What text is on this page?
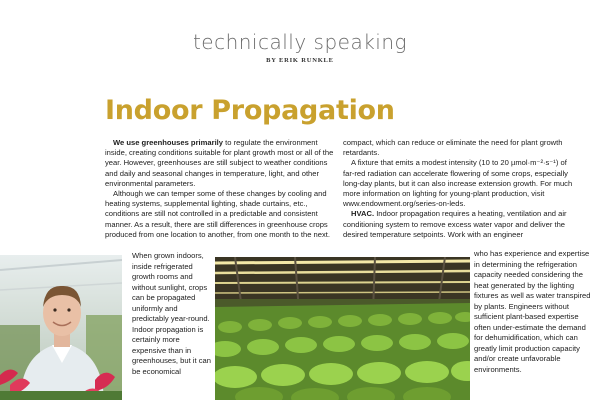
technically speaking
BY ERIK RUNKLE
Indoor Propagation

We use greenhouses primarily to regulate the environment inside, creating conditions suitable for plant growth most or all of the year. However, greenhouses are still subject to weather conditions and daily and seasonal changes in temperature, light, and other environmental parameters.

Although we can temper some of these changes by cooling and heating systems, supplemental lighting, shade curtains, etc., conditions are still not controlled in a predictable and consistent manner. As a result, there are still differences in greenhouse crops produced from one location to another, from one month to the next.

When grown indoors, inside refrigerated growth rooms and without sunlight, crops can be propagated uniformly and predictably year-round. Indoor propagation is certainly more expensive than in greenhouses, but it can be economical

compact, which can reduce or eliminate the need for plant growth retardants.

A fixture that emits a modest intensity (10 to 20 µmol·m⁻²·s⁻¹) of far-red radiation can accelerate flowering of some crops, especially long-day plants, but it can also increase extension growth. For much more information on lighting for young-plant production, visit www.endowment.org/series-on-leds.

HVAC. Indoor propagation requires a heating, ventilation and air conditioning system to remove excess water vapor and deliver the desired temperature setpoints. Work with an engineer

who has experience and expertise in determining the refrigeration capacity needed considering the heat generated by the lighting fixtures as well as water transpired by plants. Engineers without sufficient plant-based expertise often under-estimate the demand for dehumidification, which can greatly limit production capacity and/or create unfavorable environments.
